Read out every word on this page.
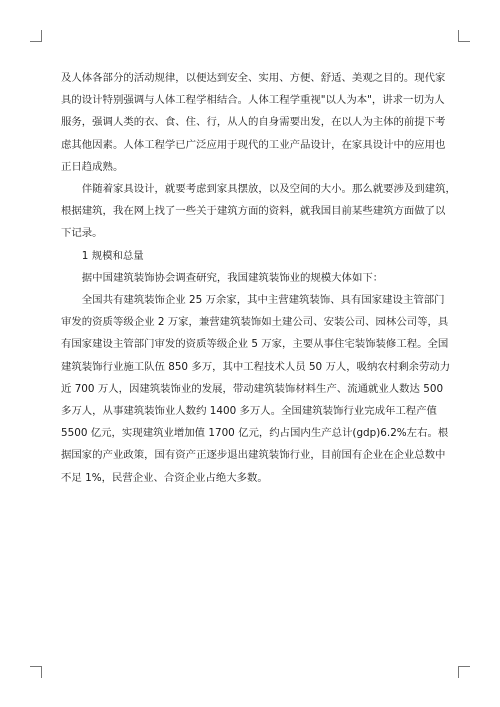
及人体各部分的活动规律，以便达到安全、实用、方便、舒适、美观之目的。现代家
具的设计特别强调与人体工程学相结合。人体工程学重视"以人为本"，讲求一切为人
服务，强调人类的衣、食、住、行，从人的自身需要出发，在以人为主体的前提下考
虑其他因素。人体工程学已广泛应用于现代的工业产品设计，在家具设计中的应用也
正日趋成熟。

伴随着家具设计，就要考虑到家具摆放，以及空间的大小。那么就要涉及到建筑，
根据建筑，我在网上找了一些关于建筑方面的资料，就我国目前某些建筑方面做了以
下记录。

1 规模和总量

据中国建筑装饰协会调查研究，我国建筑装饰业的规模大体如下：

全国共有建筑装饰企业 25 万余家，其中主营建筑装饰、具有国家建设主管部门
审发的资质等级企业 2 万家，兼营建筑装饰如土建公司、安装公司、园林公司等，具
有国家建设主管部门审发的资质等级企业 5 万家，主要从事住宅装饰装修工程。全国
建筑装饰行业施工队伍 850 多万，其中工程技术人员 50 万人，吸纳农村剩余劳动力
近 700 万人，因建筑装饰业的发展，带动建筑装饰材料生产、流通就业人数达 500
多万人，从事建筑装饰业人数约 1400 多万人。全国建筑装饰行业完成年工程产值
5500 亿元，实现建筑业增加值 1700 亿元，约占国内生产总计(gdp)6.2%左右。根
据国家的产业政策，国有资产正逐步退出建筑装饰行业，目前国有企业在企业总数中
不足 1%，民营企业、合资企业占绝大多数。
